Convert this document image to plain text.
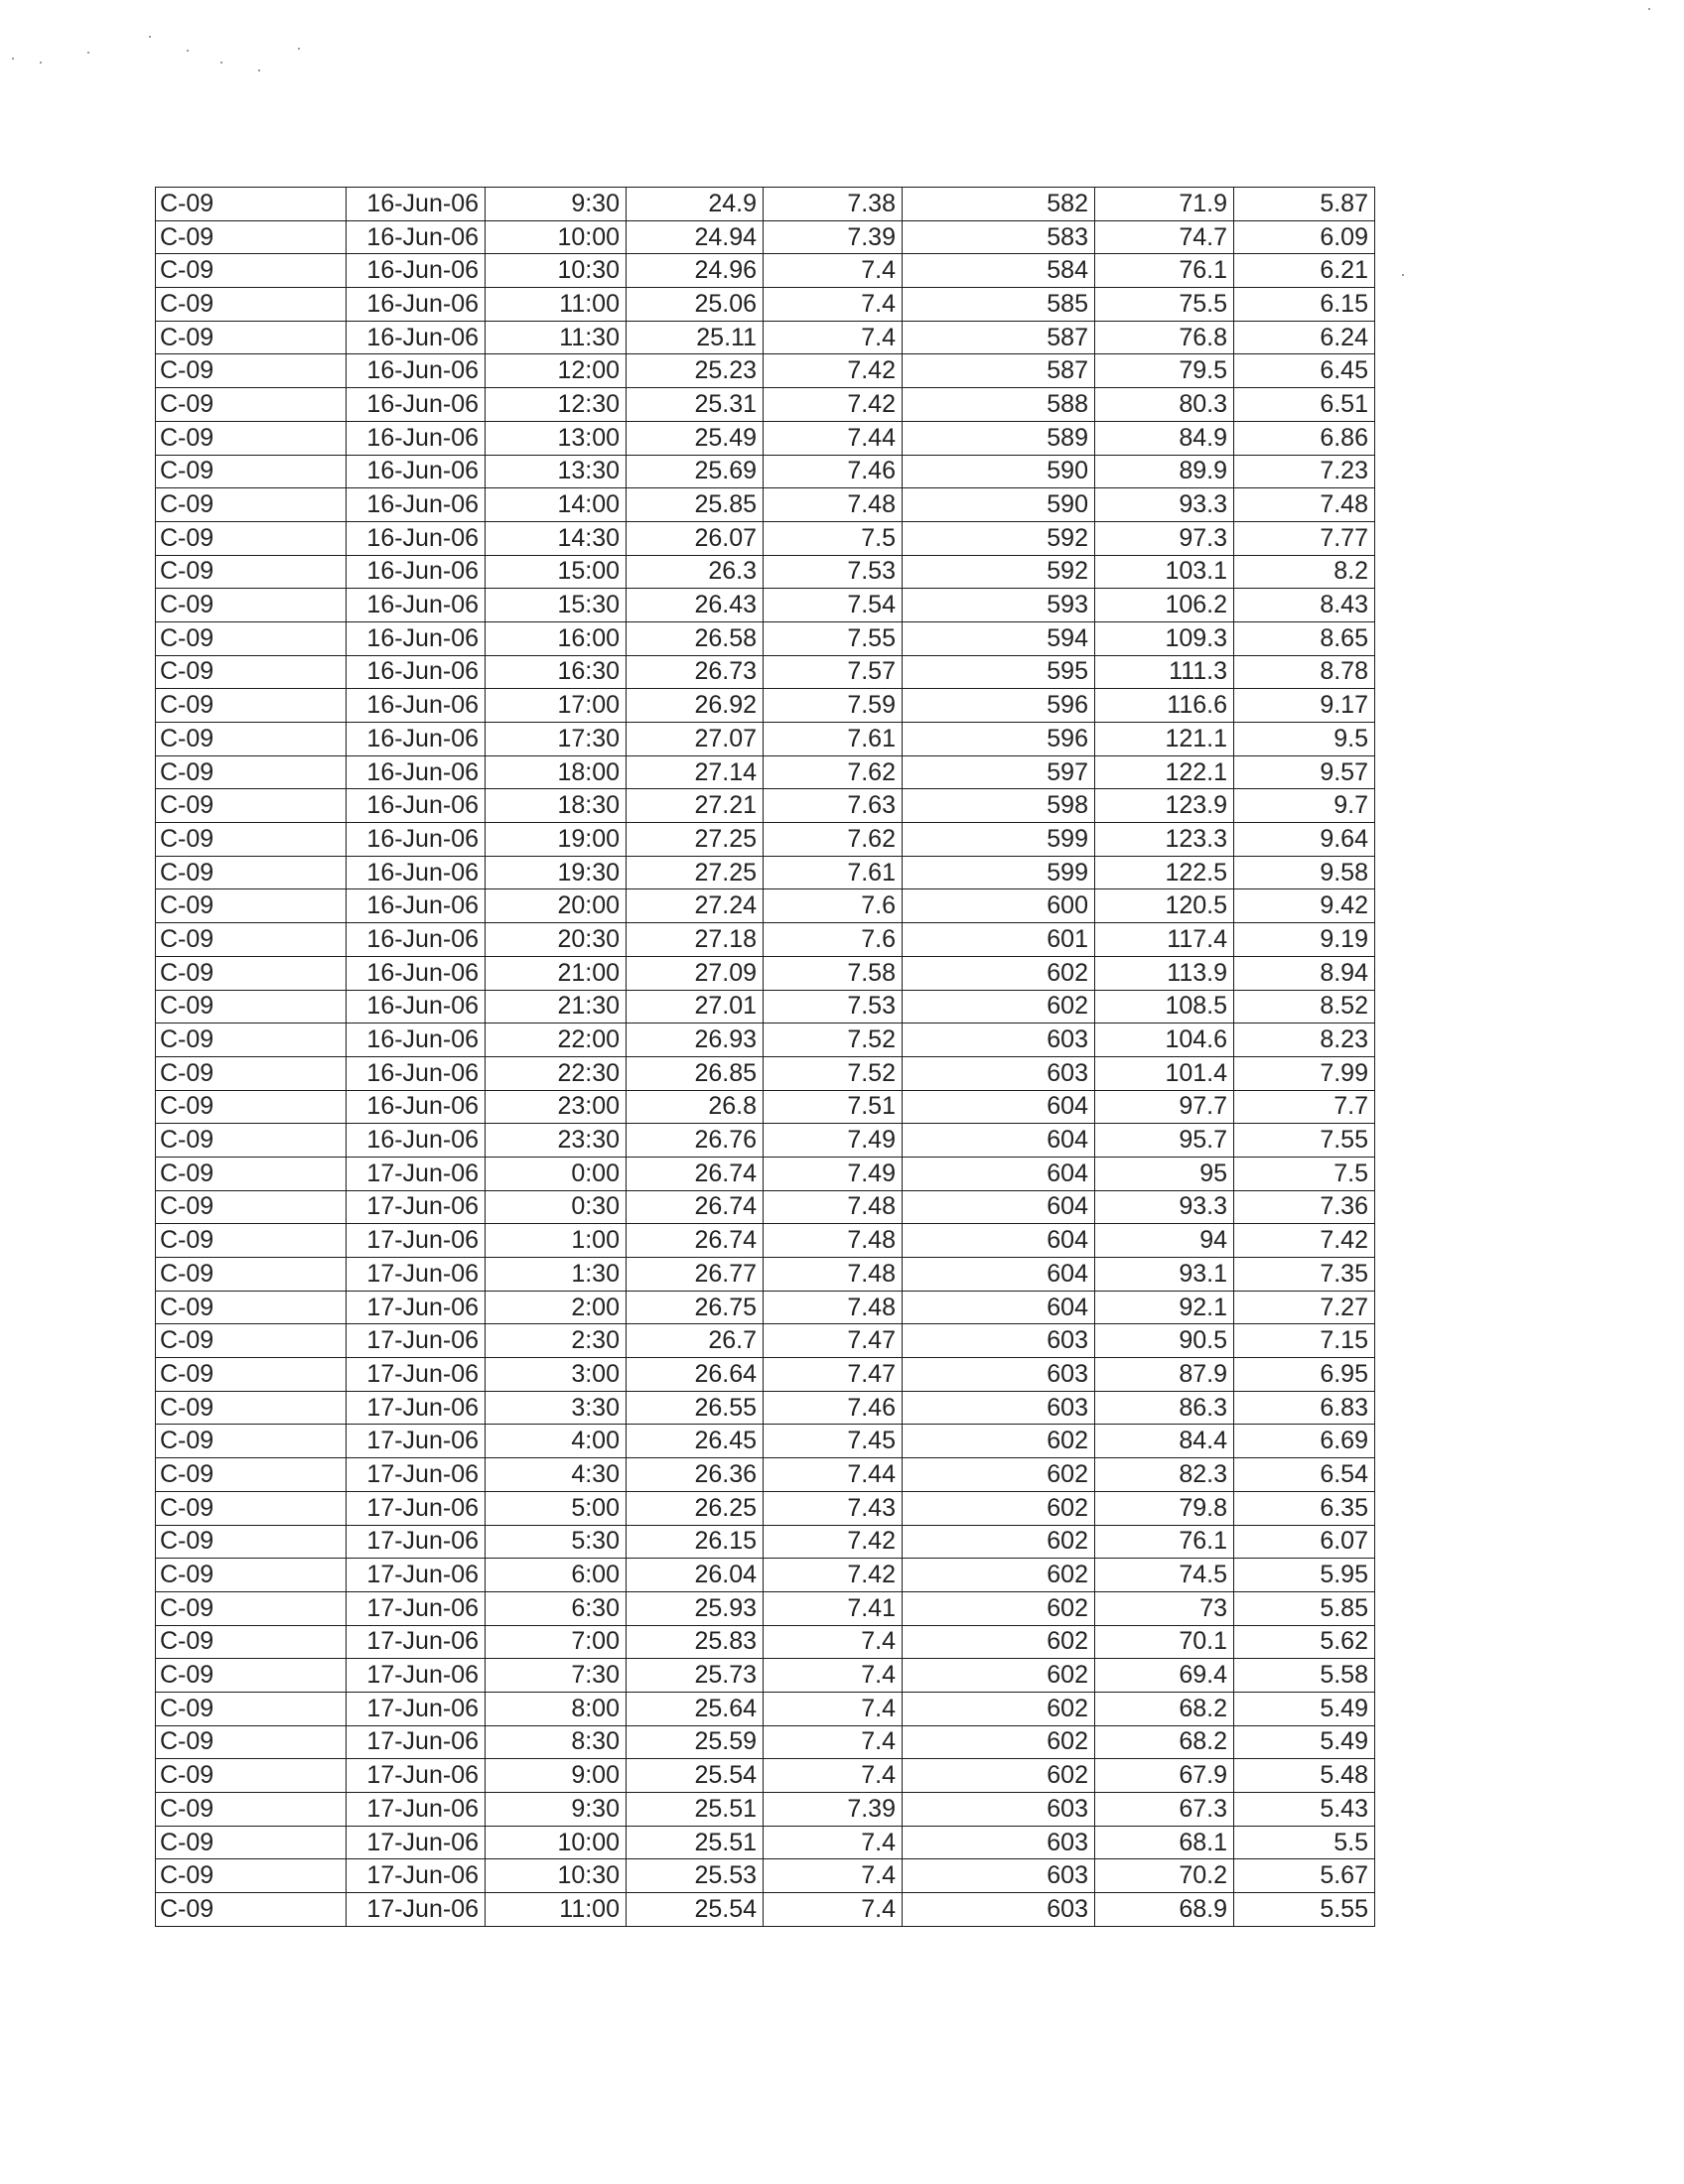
C-09	16-Jun-06	9:30	24.9	7.38	582	71.9	5.87
C-09	16-Jun-06	10:00	24.94	7.39	583	74.7	6.09
C-09	16-Jun-06	10:30	24.96	7.4	584	76.1	6.21
C-09	16-Jun-06	11:00	25.06	7.4	585	75.5	6.15
C-09	16-Jun-06	11:30	25.11	7.4	587	76.8	6.24
C-09	16-Jun-06	12:00	25.23	7.42	587	79.5	6.45
C-09	16-Jun-06	12:30	25.31	7.42	588	80.3	6.51
C-09	16-Jun-06	13:00	25.49	7.44	589	84.9	6.86
C-09	16-Jun-06	13:30	25.69	7.46	590	89.9	7.23
C-09	16-Jun-06	14:00	25.85	7.48	590	93.3	7.48
C-09	16-Jun-06	14:30	26.07	7.5	592	97.3	7.77
C-09	16-Jun-06	15:00	26.3	7.53	592	103.1	8.2
C-09	16-Jun-06	15:30	26.43	7.54	593	106.2	8.43
C-09	16-Jun-06	16:00	26.58	7.55	594	109.3	8.65
C-09	16-Jun-06	16:30	26.73	7.57	595	111.3	8.78
C-09	16-Jun-06	17:00	26.92	7.59	596	116.6	9.17
C-09	16-Jun-06	17:30	27.07	7.61	596	121.1	9.5
C-09	16-Jun-06	18:00	27.14	7.62	597	122.1	9.57
C-09	16-Jun-06	18:30	27.21	7.63	598	123.9	9.7
C-09	16-Jun-06	19:00	27.25	7.62	599	123.3	9.64
C-09	16-Jun-06	19:30	27.25	7.61	599	122.5	9.58
C-09	16-Jun-06	20:00	27.24	7.6	600	120.5	9.42
C-09	16-Jun-06	20:30	27.18	7.6	601	117.4	9.19
C-09	16-Jun-06	21:00	27.09	7.58	602	113.9	8.94
C-09	16-Jun-06	21:30	27.01	7.53	602	108.5	8.52
C-09	16-Jun-06	22:00	26.93	7.52	603	104.6	8.23
C-09	16-Jun-06	22:30	26.85	7.52	603	101.4	7.99
C-09	16-Jun-06	23:00	26.8	7.51	604	97.7	7.7
C-09	16-Jun-06	23:30	26.76	7.49	604	95.7	7.55
C-09	17-Jun-06	0:00	26.74	7.49	604	95	7.5
C-09	17-Jun-06	0:30	26.74	7.48	604	93.3	7.36
C-09	17-Jun-06	1:00	26.74	7.48	604	94	7.42
C-09	17-Jun-06	1:30	26.77	7.48	604	93.1	7.35
C-09	17-Jun-06	2:00	26.75	7.48	604	92.1	7.27
C-09	17-Jun-06	2:30	26.7	7.47	603	90.5	7.15
C-09	17-Jun-06	3:00	26.64	7.47	603	87.9	6.95
C-09	17-Jun-06	3:30	26.55	7.46	603	86.3	6.83
C-09	17-Jun-06	4:00	26.45	7.45	602	84.4	6.69
C-09	17-Jun-06	4:30	26.36	7.44	602	82.3	6.54
C-09	17-Jun-06	5:00	26.25	7.43	602	79.8	6.35
C-09	17-Jun-06	5:30	26.15	7.42	602	76.1	6.07
C-09	17-Jun-06	6:00	26.04	7.42	602	74.5	5.95
C-09	17-Jun-06	6:30	25.93	7.41	602	73	5.85
C-09	17-Jun-06	7:00	25.83	7.4	602	70.1	5.62
C-09	17-Jun-06	7:30	25.73	7.4	602	69.4	5.58
C-09	17-Jun-06	8:00	25.64	7.4	602	68.2	5.49
C-09	17-Jun-06	8:30	25.59	7.4	602	68.2	5.49
C-09	17-Jun-06	9:00	25.54	7.4	602	67.9	5.48
C-09	17-Jun-06	9:30	25.51	7.39	603	67.3	5.43
C-09	17-Jun-06	10:00	25.51	7.4	603	68.1	5.5
C-09	17-Jun-06	10:30	25.53	7.4	603	70.2	5.67
C-09	17-Jun-06	11:00	25.54	7.4	603	68.9	5.55
